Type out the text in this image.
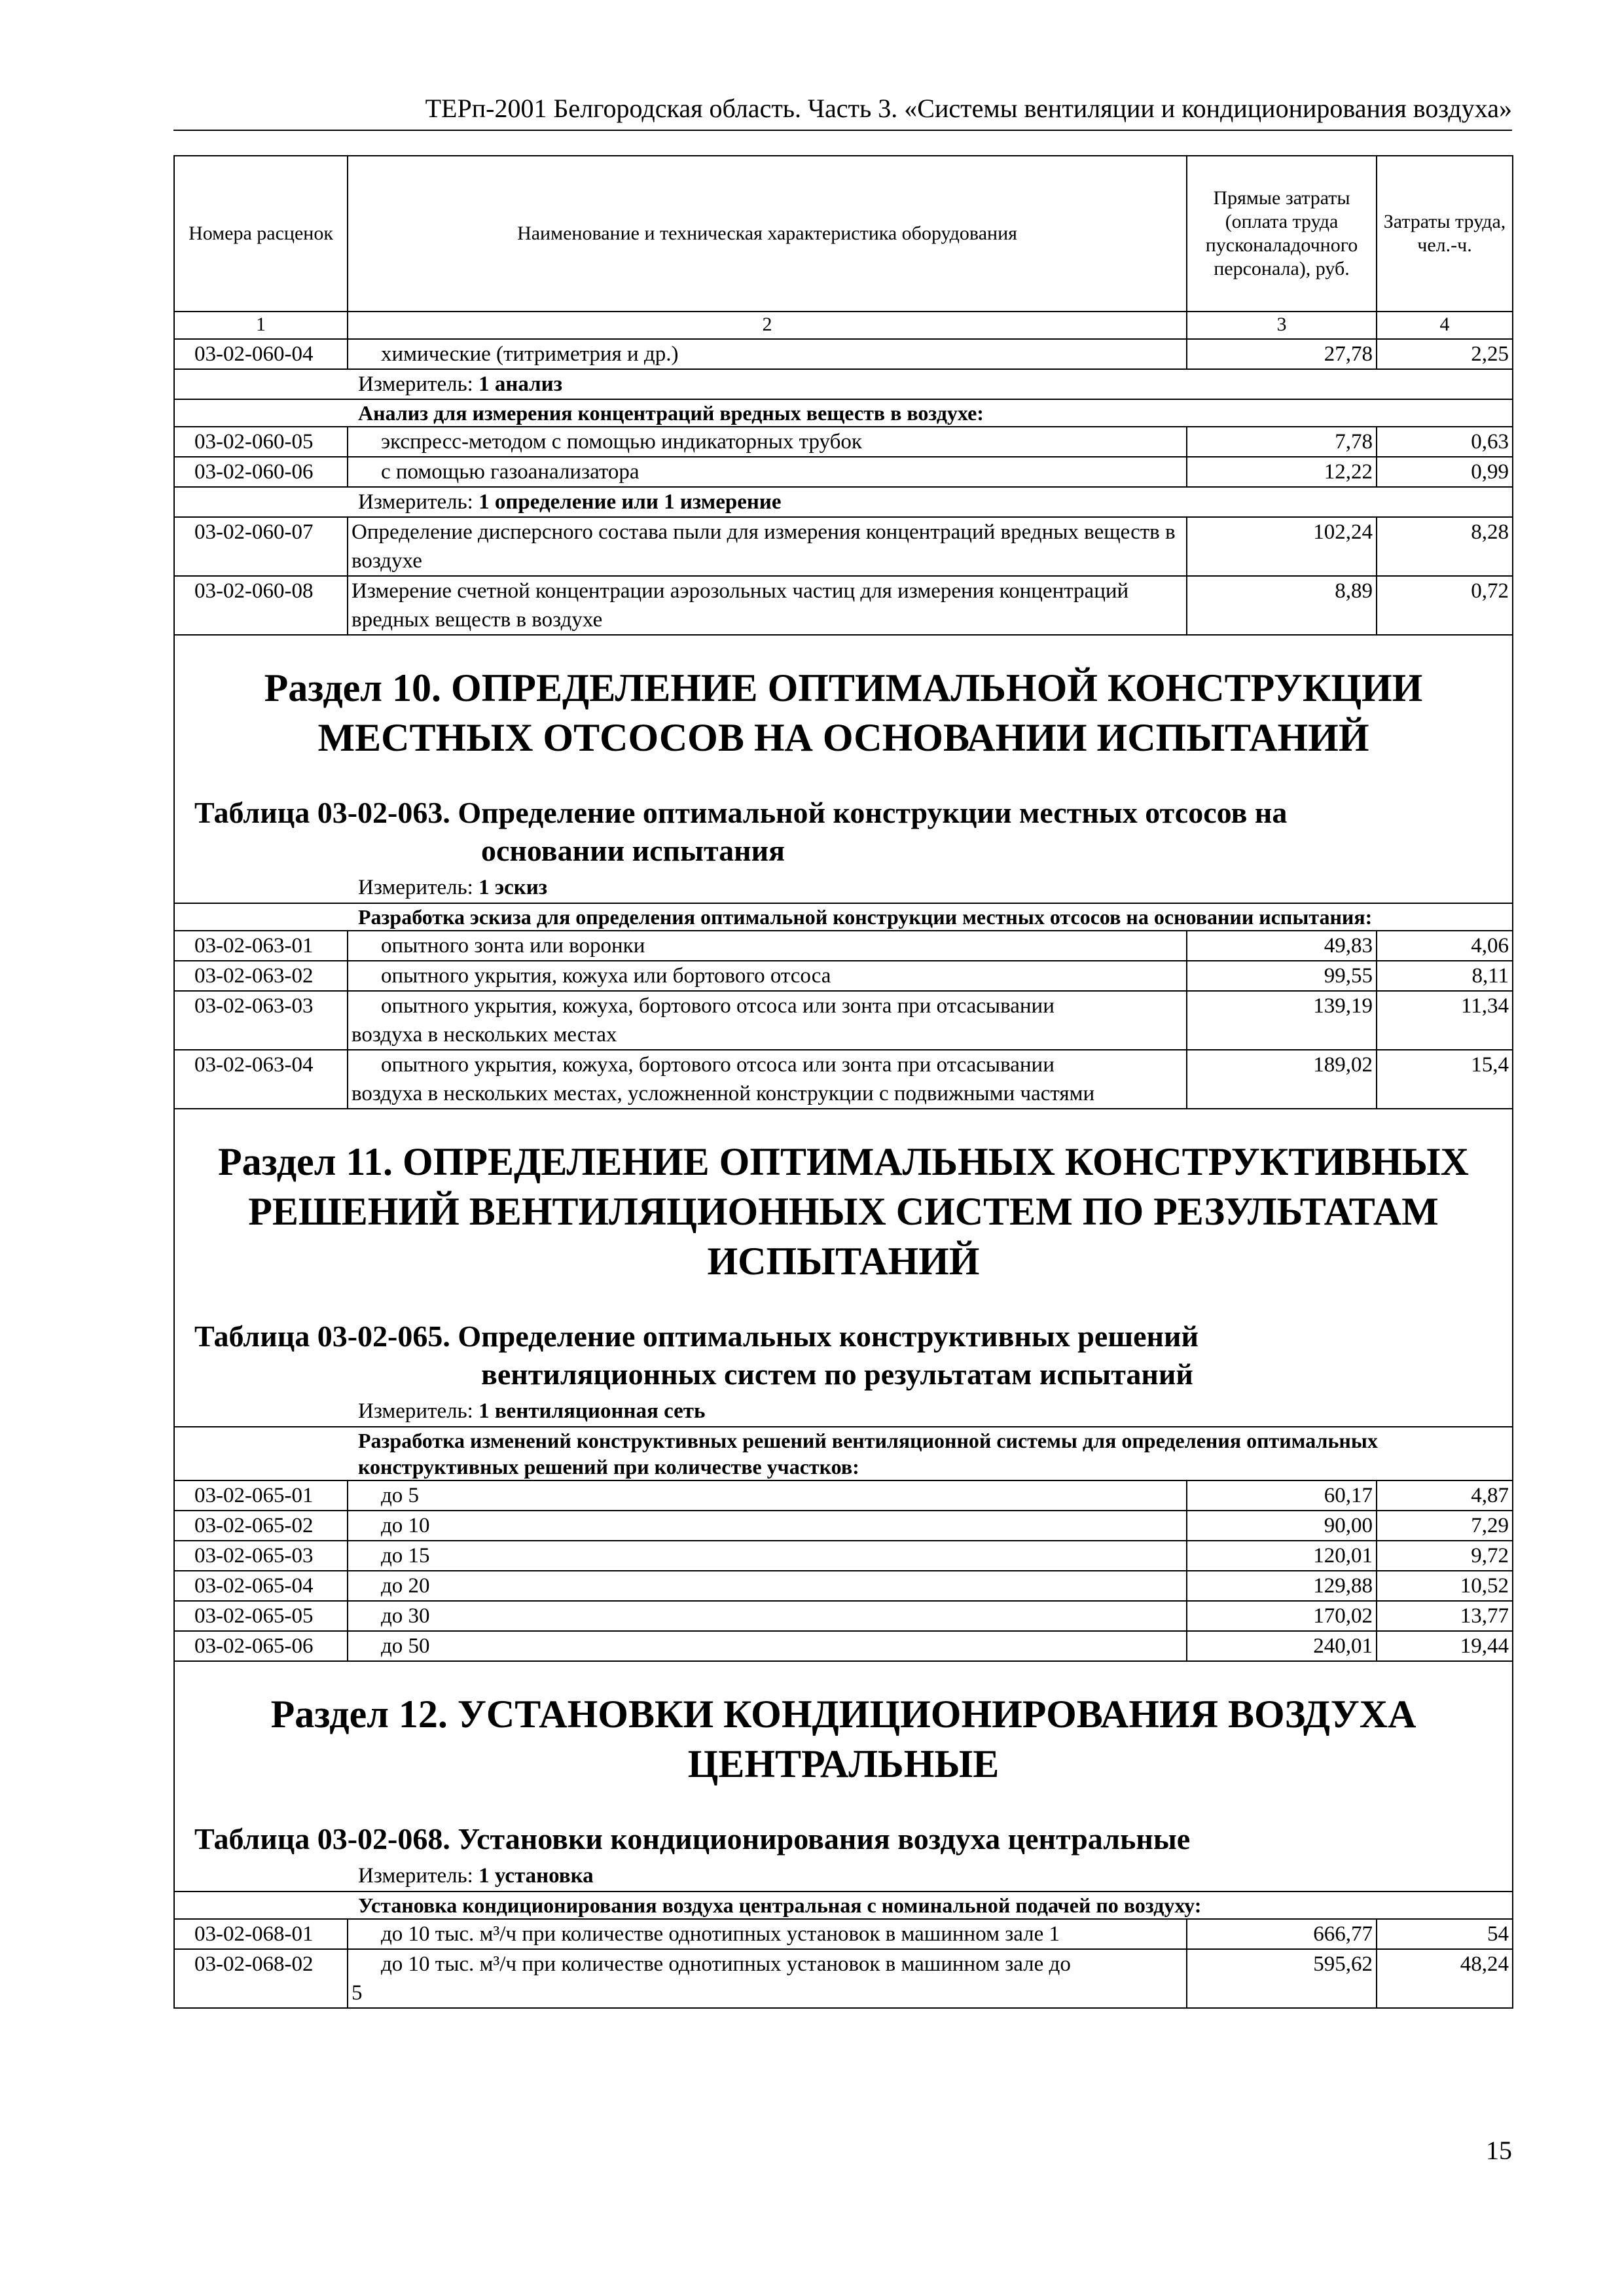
ТЕРп-2001 Белгородская область. Часть 3. «Системы вентиляции и кондиционирования воздуха»
Номера расценок	Наименование и техническая характеристика оборудования	Прямые затраты (оплата труда пусконаладочного персонала), руб.	Затраты труда, чел.-ч.
1	2	3	4
03-02-060-04	химические (титриметрия и др.)	27,78	2,25
Измеритель: 1 анализ			
Анализ для измерения концентраций вредных веществ в воздухе:			
03-02-060-05	экспресс-методом с помощью индикаторных трубок	7,78	0,63
03-02-060-06	с помощью газоанализатора	12,22	0,99
Измеритель: 1 определение или 1 измерение			
03-02-060-07	Определение дисперсного состава пыли для измерения концентраций вредных веществ в воздухе	102,24	8,28
03-02-060-08	Измерение счетной концентрации аэрозольных частиц для измерения концентраций вредных веществ в воздухе	8,89	0,72

Раздел 10. ОПРЕДЕЛЕНИЕ ОПТИМАЛЬНОЙ КОНСТРУКЦИИ МЕСТНЫХ ОТСОСОВ НА ОСНОВАНИИ ИСПЫТАНИЙ
Таблица 03-02-063. Определение оптимальной конструкции местных отсосов на
основании испытания
Измеритель: 1 эскиз			

Разработка эскиза для определения оптимальной конструкции местных отсосов на основании испытания:			
03-02-063-01	опытного зонта или воронки	49,83	4,06
03-02-063-02	опытного укрытия, кожуха или бортового отсоса	99,55	8,11
03-02-063-03	опытного укрытия, кожуха, бортового отсоса или зонта при отсасывании
воздуха в нескольких местах	139,19	11,34
03-02-063-04	опытного укрытия, кожуха, бортового отсоса или зонта при отсасывании
воздуха в нескольких местах, усложненной конструкции с подвижными частями	189,02	15,4

Раздел 11. ОПРЕДЕЛЕНИЕ ОПТИМАЛЬНЫХ КОНСТРУКТИВНЫХ РЕШЕНИЙ ВЕНТИЛЯЦИОННЫХ СИСТЕМ ПО РЕЗУЛЬТАТАМ ИСПЫТАНИЙ
Таблица 03-02-065. Определение оптимальных конструктивных решений
вентиляционных систем по результатам испытаний
Измеритель: 1 вентиляционная сеть			

Разработка изменений конструктивных решений вентиляционной системы для определения оптимальных конструктивных решений при количестве участков:			
03-02-065-01	до 5	60,17	4,87
03-02-065-02	до 10	90,00	7,29
03-02-065-03	до 15	120,01	9,72
03-02-065-04	до 20	129,88	10,52
03-02-065-05	до 30	170,02	13,77
03-02-065-06	до 50	240,01	19,44

Раздел 12. УСТАНОВКИ КОНДИЦИОНИРОВАНИЯ ВОЗДУХА ЦЕНТРАЛЬНЫЕ
Таблица 03-02-068. Установки кондиционирования воздуха центральные
Измеритель: 1 установка			

Установка кондиционирования воздуха центральная с номинальной подачей по воздуху:			
03-02-068-01	до 10 тыс. м³/ч при количестве однотипных установок в машинном зале 1	666,77	54
03-02-068-02	до 10 тыс. м³/ч при количестве однотипных установок в машинном зале до
5	595,62	48,24
15
